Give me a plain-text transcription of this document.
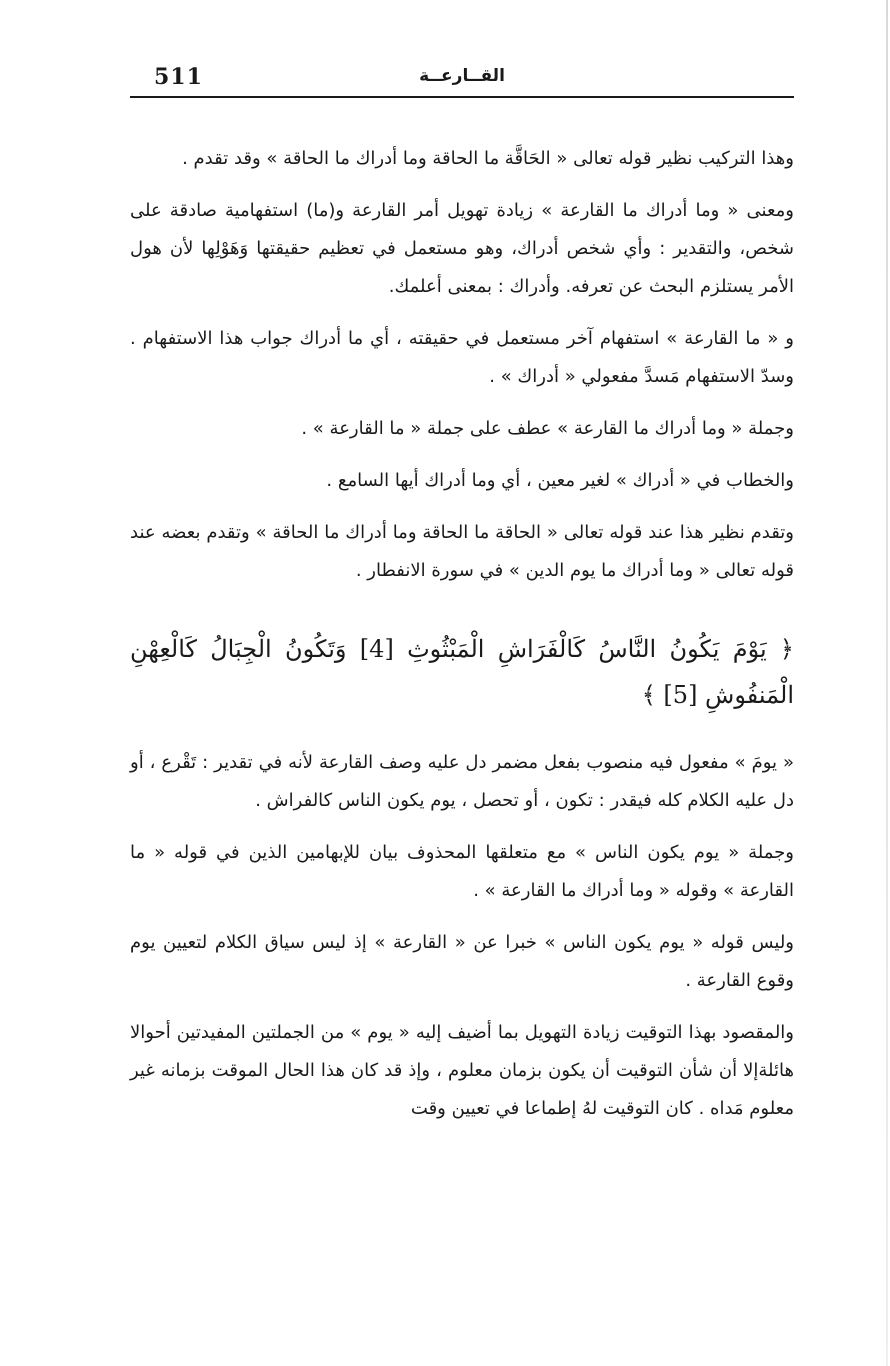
511	القــارعــة

وهذا التركيب نظير قوله تعالى « الحَاقَّة ما الحاقة وما أدراك ما الحاقة » وقد تقدم .

ومعنى « وما أدراك ما القارعة » زيادة تهويل أمر القارعة و(ما) استفهامية صادقة على شخص، والتقدير : وأي شخص أدراك، وهو مستعمل في تعظيم حقيقتها وَهَوْلِها لأن هول الأمر يستلزم البحث عن تعرفه. وأدراك : بمعنى أعلمك.

و « ما القارعة » استفهام آخر مستعمل في حقيقته ، أي ما أدراك جواب هذا الاستفهام . وسدّ الاستفهام مَسدَّ مفعولي « أدراك » .

وجملة « وما أدراك ما القارعة » عطف على جملة « ما القارعة » .

والخطاب في « أدراك » لغير معين ، أي وما أدراك أيها السامع .

وتقدم نظير هذا عند قوله تعالى « الحاقة ما الحاقة وما أدراك ما الحاقة » وتقدم بعضه عند قوله تعالى « وما أدراك ما يوم الدين » في سورة الانفطار .

﴿ يَوْمَ يَكُونُ النَّاسُ كَالْفَرَاشِ الْمَبْثُوثِ [4] وَتَكُونُ الْجِبَالُ كَالْعِهْنِ الْمَنفُوشِ [5] ﴾

« يومَ » مفعول فيه منصوب بفعل مضمر دل عليه وصف القارعة لأنه في تقدير : تَقْرع ، أو دل عليه الكلام كله فيقدر : تكون ، أو تحصل ، يوم يكون الناس كالفراش .

وجملة « يوم يكون الناس » مع متعلقها المحذوف بيان للإبهامين الذين في قوله « ما القارعة » وقوله « وما أدراك ما القارعة » .

وليس قوله « يوم يكون الناس » خبرا عن « القارعة » إذ ليس سياق الكلام لتعيين يوم وقوع القارعة .

والمقصود بهذا التوقيت زيادة التهويل بما أضيف إليه « يوم » من الجملتين المفيدتين أحوالا هائلةإلا أن شأن التوقيت أن يكون بزمان معلوم ، وإذ قد كان هذا الحال الموقت بزمانه غير معلوم مَداه . كان التوقيت لهُ إطماعا في تعيين وقت
